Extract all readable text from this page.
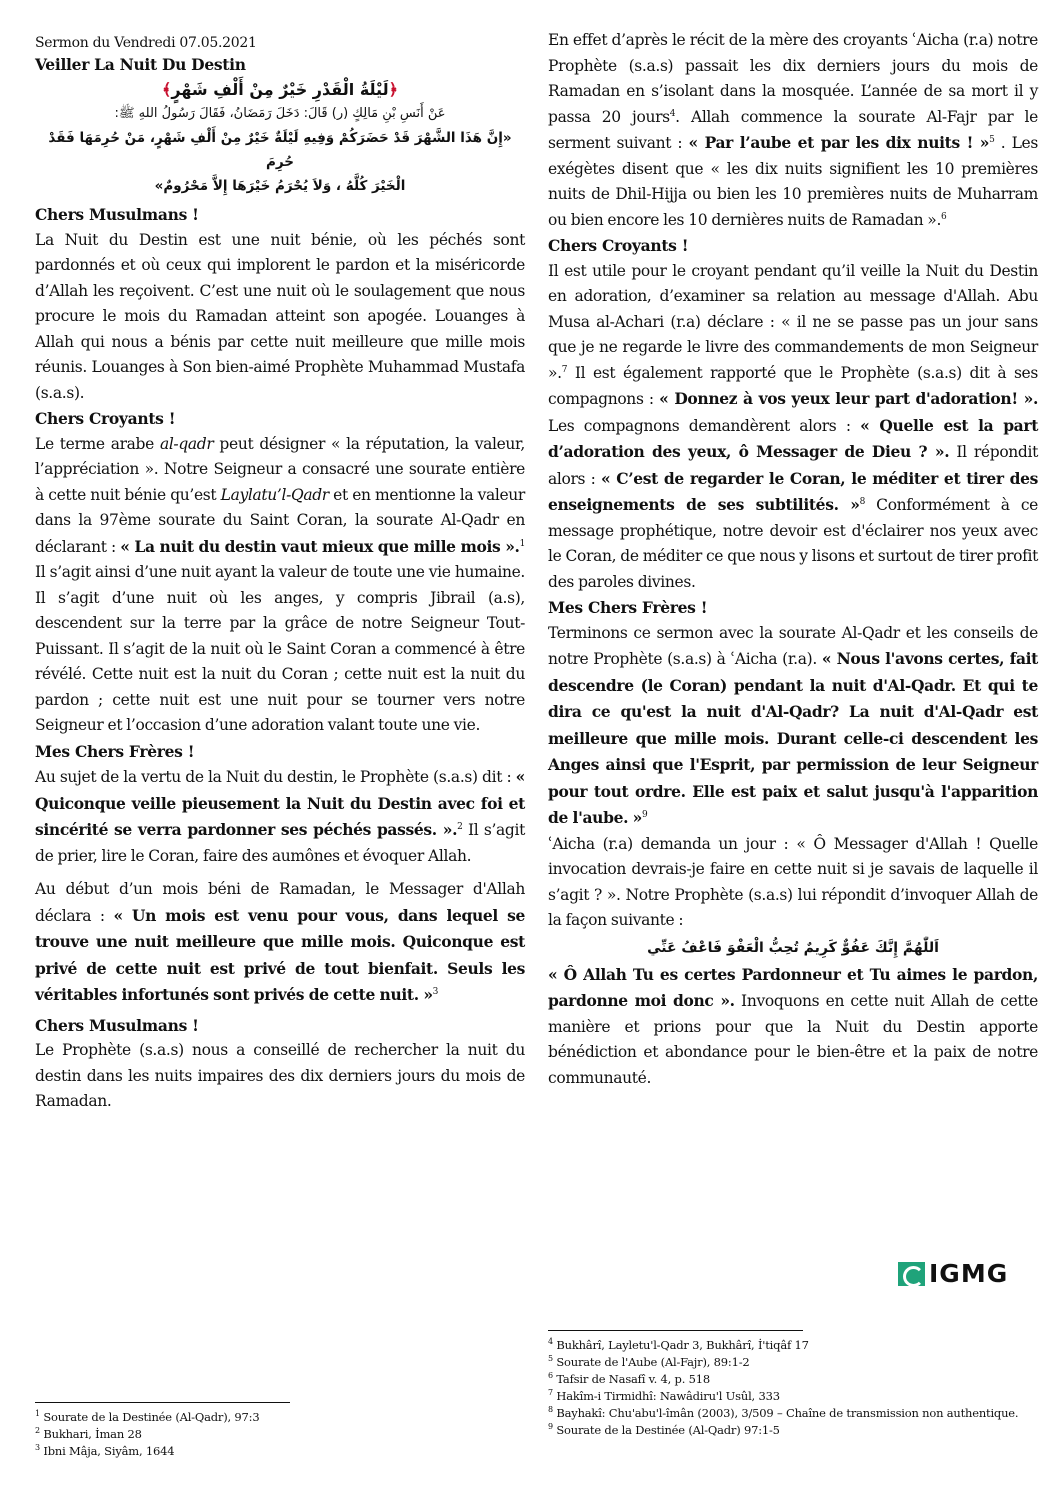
Sermon du Vendredi 07.05.2021
Veiller La Nuit Du Destin

﴿لَيْلَةُ الْقَدْرِ خَيْرٌ مِنْ أَلْفِ شَهْرٍ﴾

عَنْ أَنَسِ بْنِ مَالِكٍ (ر) قَالَ: دَخَلَ رَمَضَانُ، فَقَالَ رَسُولُ اللهِ ﷺ:

«إِنَّ هَذَا الشَّهْرَ قَدْ حَضَرَكُمْ وَفِيهِ لَيْلَةٌ خَيْرٌ مِنْ أَلْفِ شَهْرٍ، مَنْ حُرِمَهَا فَقَدْ حُرِمَ

الْخَيْرَ كُلَّهُ ، وَلاَ يُحْرَمُ خَيْرَهَا إِلاَّ مَحْرُومٌ»

Chers Musulmans !

La Nuit du Destin est une nuit bénie, où les péchés sont pardonnés et où ceux qui implorent le pardon et la miséricorde d’Allah les reçoivent. C’est une nuit où le soulagement que nous procure le mois du Ramadan atteint son apogée. Louanges à Allah qui nous a bénis par cette nuit meilleure que mille mois réunis. Louanges à Son bien-aimé Prophète Muhammad Mustafa (s.a.s).

Chers Croyants !

Le terme arabe al-qadr peut désigner « la réputation, la valeur, l’appréciation ». Notre Seigneur a consacré une sourate entière à cette nuit bénie qu’est Laylatu’l-Qadr et en mentionne la valeur dans la 97ème sourate du Saint Coran, la sourate Al-Qadr en déclarant : « La nuit du destin vaut mieux que mille mois ».$^1$ Il s’agit ainsi d’une nuit ayant la valeur de toute une vie humaine. Il s’agit d’une nuit où les anges, y compris Jibrail (a.s), descendent sur la terre par la grâce de notre Seigneur Tout-Puissant. Il s’agit de la nuit où le Saint Coran a commencé à être révélé. Cette nuit est la nuit du Coran ; cette nuit est la nuit du pardon ; cette nuit est une nuit pour se tourner vers notre Seigneur et l’occasion d’une adoration valant toute une vie.

Mes Chers Frères !

Au sujet de la vertu de la Nuit du destin, le Prophète (s.a.s) dit : « Quiconque veille pieusement la Nuit du Destin avec foi et sincérité se verra pardonner ses péchés passés. ».$^2$ Il s’agit de prier, lire le Coran, faire des aumônes et évoquer Allah.

Au début d’un mois béni de Ramadan, le Messager d'Allah déclara : « Un mois est venu pour vous, dans lequel se trouve une nuit meilleure que mille mois. Quiconque est privé de cette nuit est privé de tout bienfait. Seuls les véritables infortunés sont privés de cette nuit. »$^3$

Chers Musulmans !

Le Prophète (s.a.s) nous a conseillé de rechercher la nuit du destin dans les nuits impaires des dix derniers jours du mois de Ramadan.

$^1$ Sourate de la Destinée (Al-Qadr), 97:3

$^2$ Bukhari, İman 28

$^3$ Ibni Mâja, Siyâm, 1644

En effet d’après le récit de la mère des croyants ʿAicha (r.a) notre Prophète (s.a.s) passait les dix derniers jours du mois de Ramadan en s’isolant dans la mosquée. L’année de sa mort il y passa 20 jours$^4$. Allah commence la sourate Al-Fajr par le serment suivant : « Par l’aube et par les dix nuits ! »$^5$ . Les exégètes disent que « les dix nuits signifient les 10 premières nuits de Dhil-Hijja ou bien les 10 premières nuits de Muharram ou bien encore les 10 dernières nuits de Ramadan ».$^6$

Chers Croyants !

Il est utile pour le croyant pendant qu’il veille la Nuit du Destin en adoration, d’examiner sa relation au message d'Allah. Abu Musa al-Achari (r.a) déclare : « il ne se passe pas un jour sans que je ne regarde le livre des commandements de mon Seigneur ».$^7$ Il est également rapporté que le Prophète (s.a.s) dit à ses compagnons : « Donnez à vos yeux leur part d'adoration! ». Les compagnons demandèrent alors : « Quelle est la part d’adoration des yeux, ô Messager de Dieu ? ». Il répondit alors : « C’est de regarder le Coran, le méditer et tirer des enseignements de ses subtilités. »$^8$ Conformément à ce message prophétique, notre devoir est d'éclairer nos yeux avec le Coran, de méditer ce que nous y lisons et surtout de tirer profit des paroles divines.

Mes Chers Frères !

Terminons ce sermon avec la sourate Al-Qadr et les conseils de notre Prophète (s.a.s) à ʿAicha (r.a). « Nous l'avons certes, fait descendre (le Coran) pendant la nuit d'Al-Qadr. Et qui te dira ce qu'est la nuit d'Al-Qadr? La nuit d'Al-Qadr est meilleure que mille mois. Durant celle-ci descendent les Anges ainsi que l'Esprit, par permission de leur Seigneur pour tout ordre. Elle est paix et salut jusqu'à l'apparition de l'aube. »$^9$

ʿAicha (r.a) demanda un jour : « Ô Messager d'Allah ! Quelle invocation devrais-je faire en cette nuit si je savais de laquelle il s’agit ? ». Notre Prophète (s.a.s) lui répondit d’invoquer Allah de la façon suivante :

اَللّٰهُمَّ إِنَّكَ عَفُوٌّ كَرِيمٌ تُحِبُّ الْعَفْوَ فَاعْفُ عَنِّي

« Ô Allah Tu es certes Pardonneur et Tu aimes le pardon, pardonne moi donc ». Invoquons en cette nuit Allah de cette manière et prions pour que la Nuit du Destin apporte bénédiction et abondance pour le bien-être et la paix de notre communauté.

IGMG

$^4$ Bukhârî, Layletu'l-Qadr 3, Bukhârî, İ'tiqâf 17

$^5$ Sourate de l'Aube (Al-Fajr), 89:1-2

$^6$ Tafsir de Nasafî v. 4, p. 518

$^7$ Hakîm-i Tirmidhî: Nawâdiru'l Usûl, 333

$^8$ Bayhakî: Chu'abu'l-îmân (2003), 3/509 – Chaîne de transmission non authentique.

$^9$ Sourate de la Destinée (Al-Qadr) 97:1-5
